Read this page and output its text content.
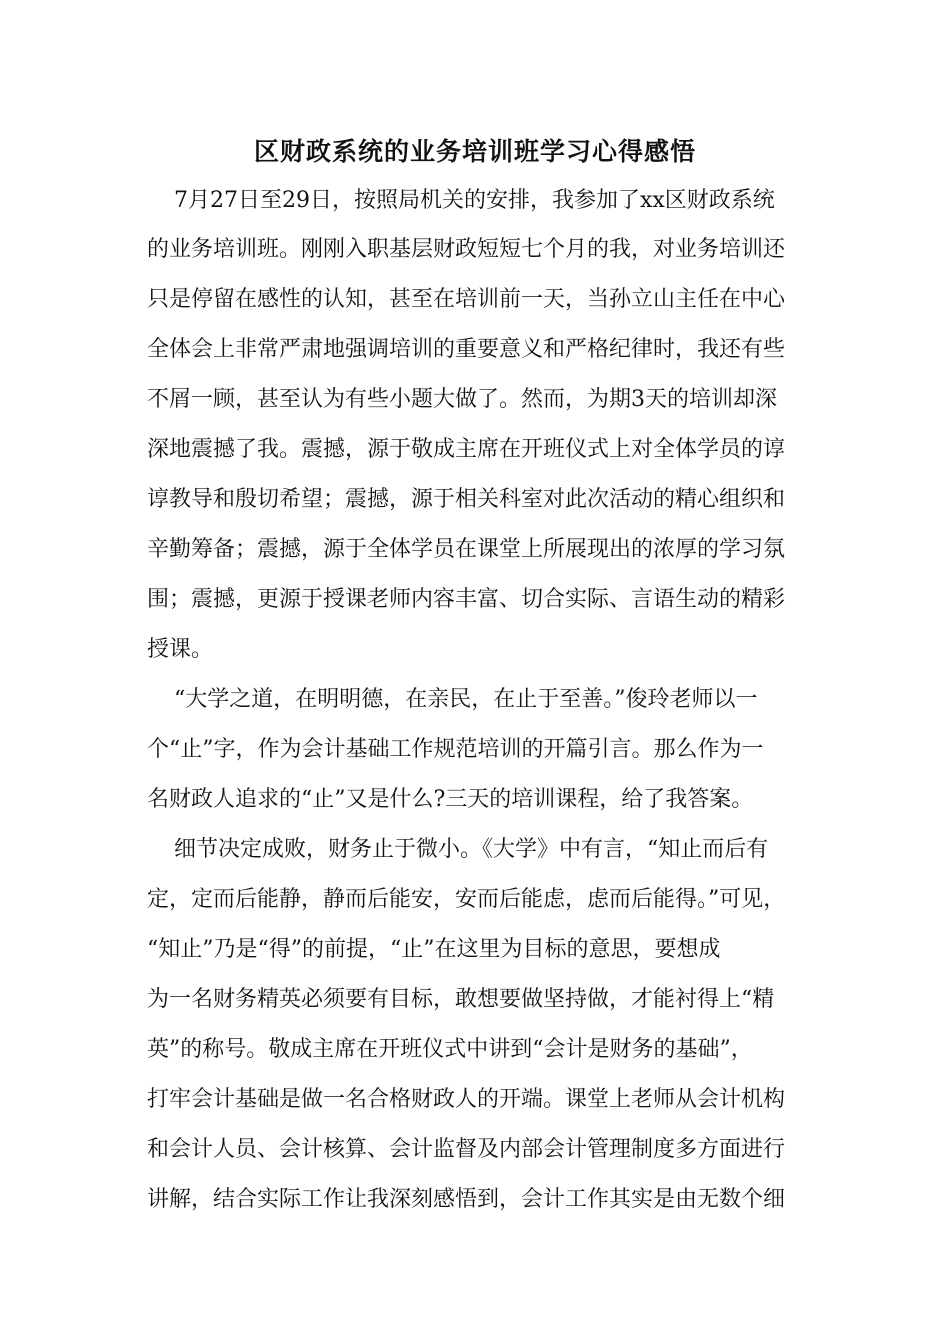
区财政系统的业务培训班学习心得感悟
7月27日至29日，按照局机关的安排，我参加了xx区财政系统
的业务培训班。刚刚入职基层财政短短七个月的我，对业务培训还
只是停留在感性的认知，甚至在培训前一天，当孙立山主任在中心
全体会上非常严肃地强调培训的重要意义和严格纪律时，我还有些
不屑一顾，甚至认为有些小题大做了。然而，为期3天的培训却深
深地震撼了我。震撼，源于敬成主席在开班仪式上对全体学员的谆
谆教导和殷切希望；震撼，源于相关科室对此次活动的精心组织和
辛勤筹备；震撼，源于全体学员在课堂上所展现出的浓厚的学习氛
围；震撼，更源于授课老师内容丰富、切合实际、言语生动的精彩
授课。
“大学之道，在明明德，在亲民，在止于至善。”俊玲老师以一
个“止”字，作为会计基础工作规范培训的开篇引言。那么作为一
名财政人追求的“止”又是什么?三天的培训课程，给了我答案。
细节决定成败，财务止于微小。《大学》中有言，“知止而后有
定，定而后能静，静而后能安，安而后能虑，虑而后能得。”可见，
“知止”乃是“得”的前提，“止”在这里为目标的意思，要想成
为一名财务精英必须要有目标，敢想要做坚持做，才能衬得上“精
英”的称号。敬成主席在开班仪式中讲到“会计是财务的基础”，
打牢会计基础是做一名合格财政人的开端。课堂上老师从会计机构
和会计人员、会计核算、会计监督及内部会计管理制度多方面进行
讲解，结合实际工作让我深刻感悟到，会计工作其实是由无数个细
